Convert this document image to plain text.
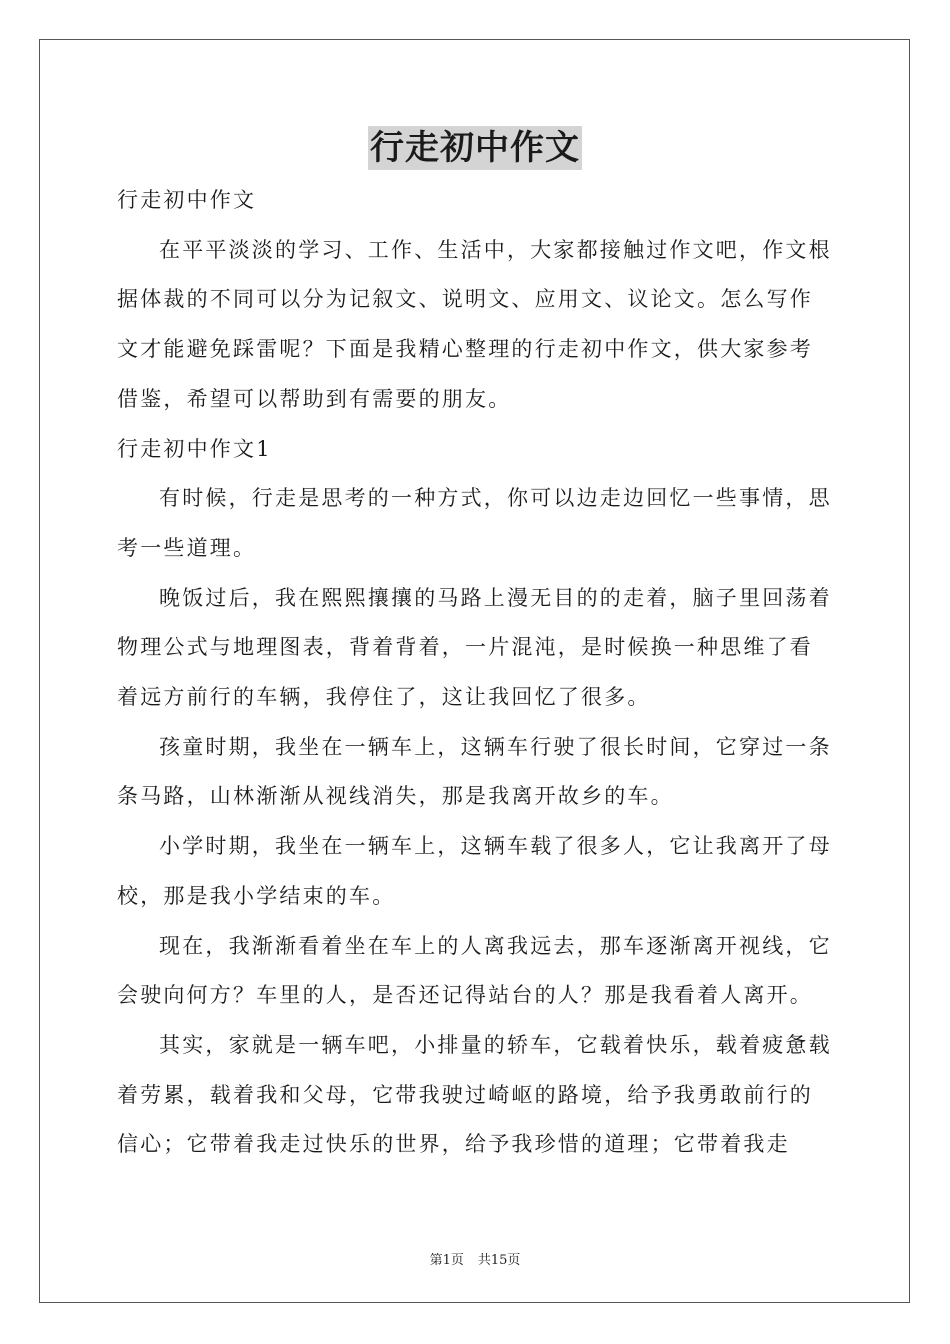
行走初中作文

行走初中作文

在平平淡淡的学习、工作、生活中，大家都接触过作文吧，作文根据体裁的不同可以分为记叙文、说明文、应用文、议论文。怎么写作文才能避免踩雷呢？下面是我精心整理的行走初中作文，供大家参考借鉴，希望可以帮助到有需要的朋友。

行走初中作文1

有时候，行走是思考的一种方式，你可以边走边回忆一些事情，思考一些道理。

晚饭过后，我在熙熙攘攘的马路上漫无目的的走着，脑子里回荡着物理公式与地理图表，背着背着，一片混沌，是时候换一种思维了看着远方前行的车辆，我停住了，这让我回忆了很多。

孩童时期，我坐在一辆车上，这辆车行驶了很长时间，它穿过一条条马路，山林渐渐从视线消失，那是我离开故乡的车。

小学时期，我坐在一辆车上，这辆车载了很多人，它让我离开了母校，那是我小学结束的车。

现在，我渐渐看着坐在车上的人离我远去，那车逐渐离开视线，它会驶向何方？车里的人，是否还记得站台的人？那是我看着人离开。

其实，家就是一辆车吧，小排量的轿车，它载着快乐，载着疲惫载着劳累，载着我和父母，它带我驶过崎岖的路境，给予我勇敢前行的信心；它带着我走过快乐的世界，给予我珍惜的道理；它带着我走

第1页 共15页
